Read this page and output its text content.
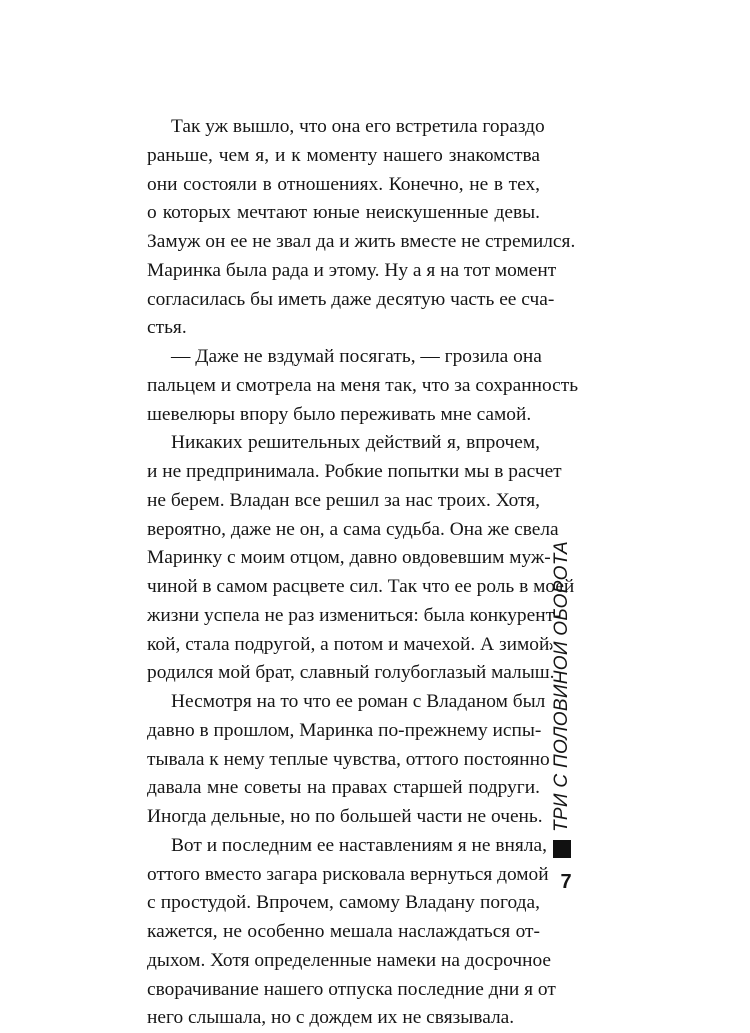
Так уж вышло, что она его встретила гораздо
раньше, чем я, и к моменту нашего знакомства
они состояли в отношениях. Конечно, не в тех,
о которых мечтают юные неискушенные девы.
Замуж он ее не звал да и жить вместе не стремился.
Маринка была рада и этому. Ну а я на тот момент
согласилась бы иметь даже десятую часть ее сча-
стья.
— Даже не вздумай посягать, — грозила она
пальцем и смотрела на меня так, что за сохранность
шевелюры впору было переживать мне самой.
Никаких решительных действий я, впрочем,
и не предпринимала. Робкие попытки мы в расчет
не берем. Владан все решил за нас троих. Хотя,
вероятно, даже не он, а сама судьба. Она же свела
Маринку с моим отцом, давно овдовевшим муж-
чиной в самом расцвете сил. Так что ее роль в моей
жизни успела не раз измениться: была конкурент-
кой, стала подругой, а потом и мачехой. А зимой
родился мой брат, славный голубоглазый малыш.
Несмотря на то что ее роман с Владаном был
давно в прошлом, Маринка по-прежнему испы-
тывала к нему теплые чувства, оттого постоянно
давала мне советы на правах старшей подруги.
Иногда дельные, но по большей части не очень.
Вот и последним ее наставлениям я не вняла,
оттого вместо загара рисковала вернуться домой
с простудой. Впрочем, самому Владану погода,
кажется, не особенно мешала наслаждаться от-
дыхом. Хотя определенные намеки на досрочное
сворачивание нашего отпуска последние дни я от
него слышала, но с дождем их не связывала.
ТРИ С ПОЛОВИНОЙ ОБОРОТА
7
